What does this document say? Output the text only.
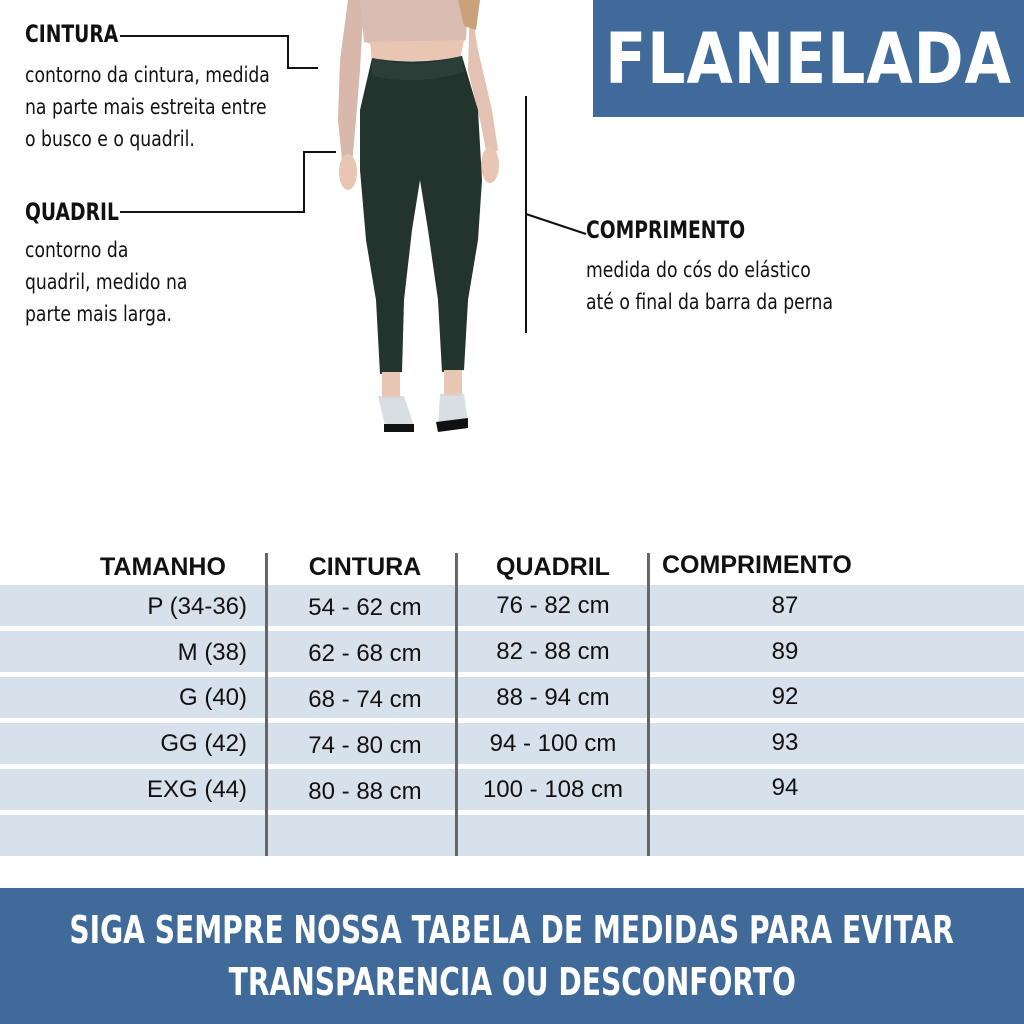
FLANELADA
CINTURA
contorno da cintura, medida
na parte mais estreita entre
o busco e o quadril.
QUADRIL
contorno da
quadril, medido na
parte mais larga.
COMPRIMENTO
medida do cós do elástico
até o final da barra da perna
TAMANHO	CINTURA	QUADRIL	COMPRIMENTO
P (34-36)	54 - 62 cm	76 - 82 cm	87
M (38)	62 - 68 cm	82 - 88 cm	89
G (40)	68 - 74 cm	88 - 94 cm	92
GG (42)	74 - 80 cm	94 - 100 cm	93
EXG (44)	80 - 88 cm	100 - 108 cm	94
SIGA SEMPRE NOSSA TABELA DE MEDIDAS PARA EVITAR
TRANSPARENCIA OU DESCONFORTO
